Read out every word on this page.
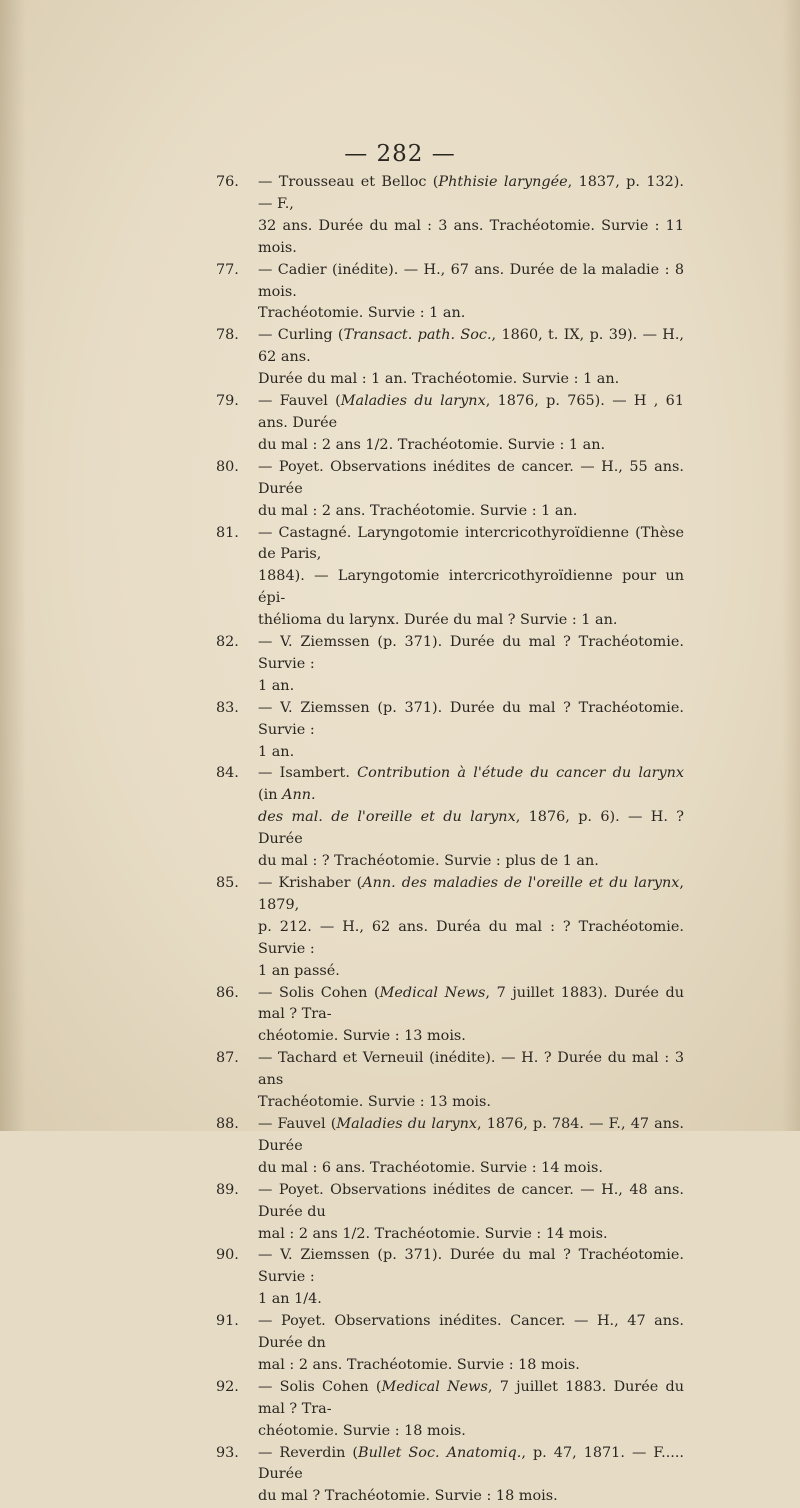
— 282 —
76. — Trousseau et Belloc (Phthisie laryngée, 1837, p. 132). — F.,
32 ans. Durée du mal : 3 ans. Trachéotomie. Survie : 11 mois.
77. — Cadier (inédite). — H., 67 ans. Durée de la maladie : 8 mois.
Trachéotomie. Survie : 1 an.
78. — Curling (Transact. path. Soc., 1860, t. IX, p. 39). — H., 62 ans.
Durée du mal : 1 an. Trachéotomie. Survie : 1 an.
79. — Fauvel (Maladies du larynx, 1876, p. 765). — H , 61 ans. Durée
du mal : 2 ans 1/2. Trachéotomie. Survie : 1 an.
80. — Poyet. Observations inédites de cancer. — H., 55 ans. Durée
du mal : 2 ans. Trachéotomie. Survie : 1 an.
81. — Castagné. Laryngotomie intercricothyroïdienne (Thèse de Paris,
1884). — Laryngotomie intercricothyroïdienne pour un épi-
thélioma du larynx. Durée du mal ? Survie : 1 an.
82. — V. Ziemssen (p. 371). Durée du mal ? Trachéotomie. Survie :
1 an.
83. — V. Ziemssen (p. 371). Durée du mal ? Trachéotomie. Survie :
1 an.
84. — Isambert. Contribution à l'étude du cancer du larynx (in Ann.
des mal. de l'oreille et du larynx, 1876, p. 6). — H. ? Durée
du mal : ? Trachéotomie. Survie : plus de 1 an.
85. — Krishaber (Ann. des maladies de l'oreille et du larynx, 1879,
p. 212. — H., 62 ans. Duréa du mal : ? Trachéotomie. Survie :
1 an passé.
86. — Solis Cohen (Medical News, 7 juillet 1883). Durée du mal ? Tra-
chéotomie. Survie : 13 mois.
87. — Tachard et Verneuil (inédite). — H. ? Durée du mal : 3 ans
Trachéotomie. Survie : 13 mois.
88. — Fauvel (Maladies du larynx, 1876, p. 784. — F., 47 ans. Durée
du mal : 6 ans. Trachéotomie. Survie : 14 mois.
89. — Poyet. Observations inédites de cancer. — H., 48 ans. Durée du
mal : 2 ans 1/2. Trachéotomie. Survie : 14 mois.
90. — V. Ziemssen (p. 371). Durée du mal ? Trachéotomie. Survie :
1 an 1/4.
91. — Poyet. Observations inédites. Cancer. — H., 47 ans. Durée dn
mal : 2 ans. Trachéotomie. Survie : 18 mois.
92. — Solis Cohen (Medical News, 7 juillet 1883. Durée du mal ? Tra-
chéotomie. Survie : 18 mois.
93. — Reverdin (Bullet Soc. Anatomiq., p. 47, 1871. — F..... Durée
du mal ? Trachéotomie. Survie : 18 mois.
